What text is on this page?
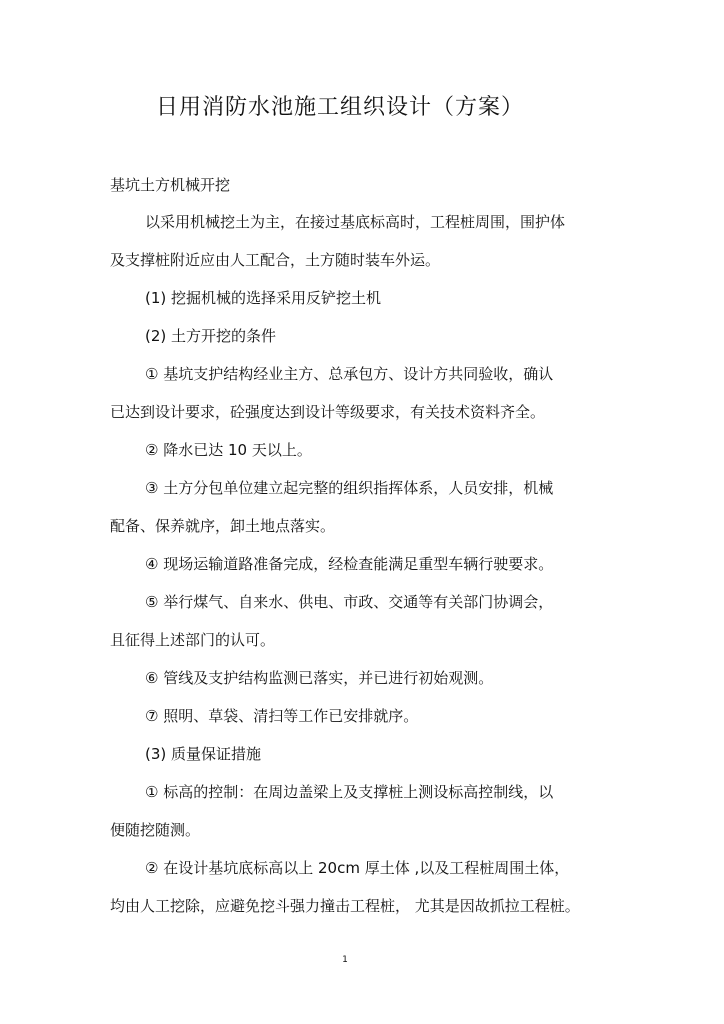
日用消防水池施工组织设计（方案）
基坑土方机械开挖
以采用机械挖土为主，在接过基底标高时，工程桩周围，围护体
及支撑桩附近应由人工配合，土方随时装车外运。
(1) 挖掘机械的选择采用反铲挖土机
(2) 土方开挖的条件
① 基坑支护结构经业主方、总承包方、设计方共同验收，确认
已达到设计要求，砼强度达到设计等级要求，有关技术资料齐全。
② 降水已达 10 天以上。
③ 土方分包单位建立起完整的组织指挥体系，人员安排，机械
配备、保养就序，卸土地点落实。
④ 现场运输道路准备完成，经检查能满足重型车辆行驶要求。
⑤ 举行煤气、自来水、供电、市政、交通等有关部门协调会，
且征得上述部门的认可。
⑥ 管线及支护结构监测已落实，并已进行初始观测。
⑦ 照明、草袋、清扫等工作已安排就序。
(3) 质量保证措施
① 标高的控制：在周边盖梁上及支撑桩上测设标高控制线，以
便随挖随测。
② 在设计基坑底标高以上 20cm 厚土体 ,以及工程桩周围土体，
均由人工挖除，应避免挖斗强力撞击工程桩， 尤其是因故抓拉工程桩。
1
